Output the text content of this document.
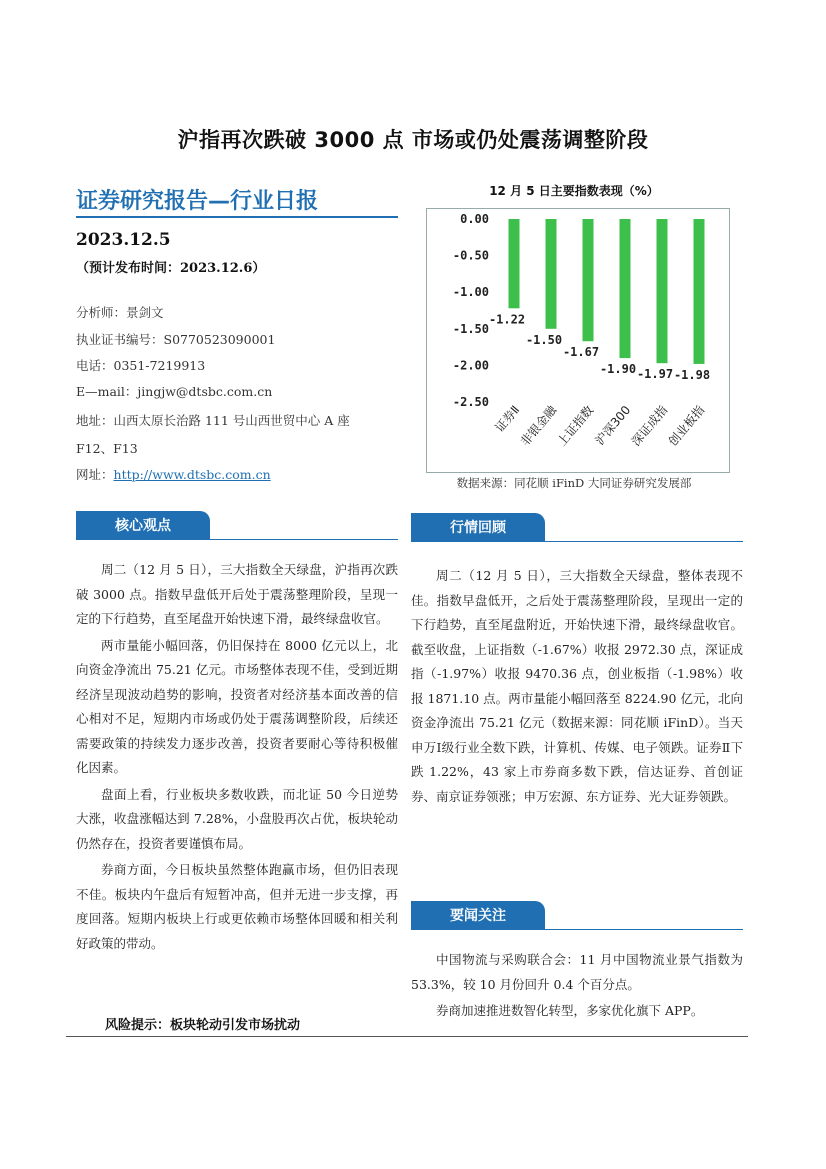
沪指再次跌破 3000 点 市场或仍处震荡调整阶段
证券研究报告—行业日报
2023.12.5
（预计发布时间：2023.12.6）
分析师：景剑文
执业证书编号：S0770523090001
电话：0351-7219913
E—mail：jingjw@dtsbc.com.cn
地址：山西太原长治路 111 号山西世贸中心 A 座
F12、F13
网址：http://www.dtsbc.com.cn
12 月 5 日主要指数表现（%）
0.00
-0.50
-1.00
-1.50
-2.00
-2.50
-1.22
证券Ⅱ
-1.50
非银金融
-1.67
上证指数
-1.90
沪深300
-1.97
深证成指
-1.98
创业板指
数据来源：同花顺 iFinD 大同证券研究发展部
核心观点

周二（12 月 5 日），三大指数全天绿盘，沪指再次跌破 3000 点。指数早盘低开后处于震荡整理阶段，呈现一定的下行趋势，直至尾盘开始快速下滑，最终绿盘收官。

两市量能小幅回落，仍旧保持在 8000 亿元以上，北向资金净流出 75.21 亿元。市场整体表现不佳，受到近期经济呈现波动趋势的影响，投资者对经济基本面改善的信心相对不足，短期内市场或仍处于震荡调整阶段，后续还需要政策的持续发力逐步改善，投资者要耐心等待积极催化因素。

盘面上看，行业板块多数收跌，而北证 50 今日逆势大涨，收盘涨幅达到 7.28%，小盘股再次占优，板块轮动仍然存在，投资者要谨慎布局。

券商方面，今日板块虽然整体跑赢市场，但仍旧表现不佳。板块内午盘后有短暂冲高，但并无进一步支撑，再度回落。短期内板块上行或更依赖市场整体回暖和相关利好政策的带动。

风险提示：板块轮动引发市场扰动
行情回顾

周二（12 月 5 日），三大指数全天绿盘，整体表现不佳。指数早盘低开，之后处于震荡整理阶段，呈现出一定的下行趋势，直至尾盘附近，开始快速下滑，最终绿盘收官。截至收盘，上证指数（-1.67%）收报 2972.30 点，深证成指（-1.97%）收报 9470.36 点，创业板指（-1.98%）收报 1871.10 点。两市量能小幅回落至 8224.90 亿元，北向资金净流出 75.21 亿元（数据来源：同花顺 iFinD）。当天申万Ⅰ级行业全数下跌，计算机、传媒、电子领跌。证券Ⅱ下跌 1.22%，43 家上市券商多数下跌，信达证券、首创证券、南京证券领涨；申万宏源、东方证券、光大证券领跌。

要闻关注

中国物流与采购联合会：11 月中国物流业景气指数为 53.3%，较 10 月份回升 0.4 个百分点。

券商加速推进数智化转型，多家优化旗下 APP。
